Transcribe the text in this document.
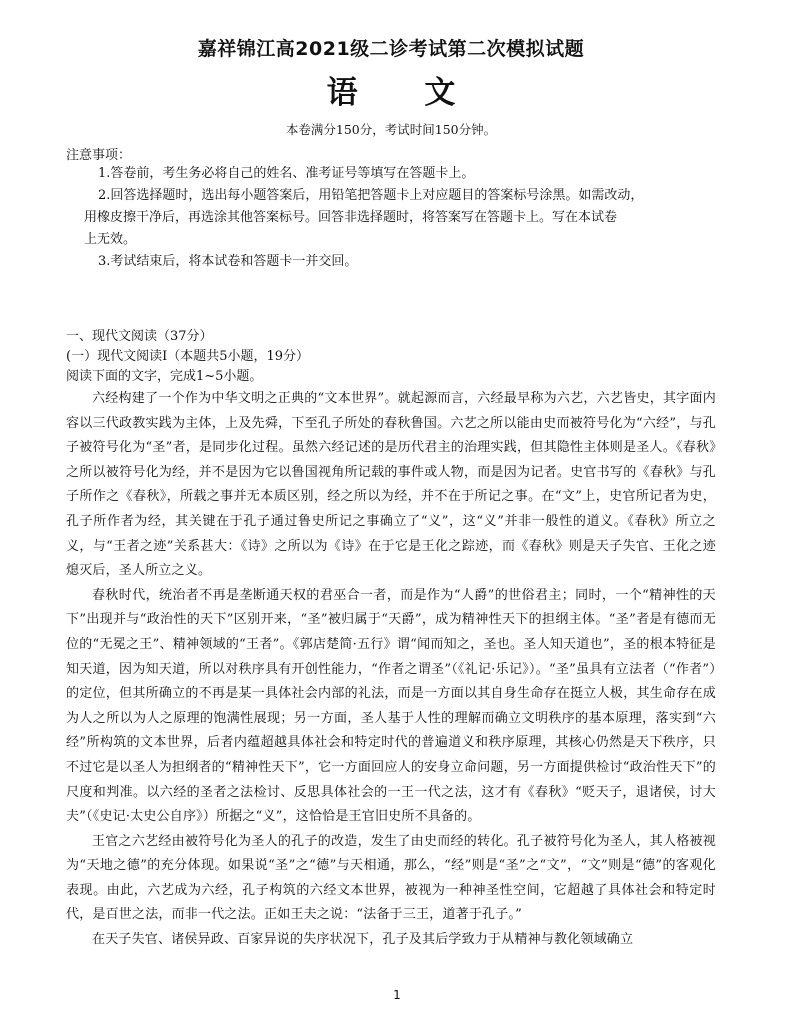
嘉祥锦江高2021级二诊考试第二次模拟试题
语 文

本卷满分150分，考试时间150分钟。

注意事项：

1.答卷前，考生务必将自己的姓名、准考证号等填写在答题卡上。

2.回答选择题时，选出每小题答案后，用铅笔把答题卡上对应题目的答案标号涂黑。如需改动，

用橡皮擦干净后，再选涂其他答案标号。回答非选择题时，将答案写在答题卡上。写在本试卷

上无效。

3.考试结束后，将本试卷和答题卡一并交回。

一、现代文阅读（37分）

(一）现代文阅读Ⅰ（本题共5小题，19分）

阅读下面的文字，完成1~5小题。

六经构建了一个作为中华文明之正典的“文本世界”。就起源而言，六经最早称为六艺，六艺皆史，其字面内容以三代政教实践为主体，上及先舜，下至孔子所处的春秋鲁国。六艺之所以能由史而被符号化为“六经”，与孔子被符号化为“圣”者，是同步化过程。虽然六经记述的是历代君主的治理实践，但其隐性主体则是圣人。《春秋》之所以被符号化为经，并不是因为它以鲁国视角所记载的事件或人物，而是因为记者。史官书写的《春秋》与孔子所作之《春秋》，所载之事并无本质区别，经之所以为经，并不在于所记之事。在“文”上，史官所记者为史，孔子所作者为经，其关键在于孔子通过鲁史所记之事确立了“义”，这“义”并非一般性的道义。《春秋》所立之义，与“王者之迹”关系甚大：《诗》之所以为《诗》在于它是王化之踪迹，而《春秋》则是天子失官、王化之迹熄灭后，圣人所立之义。

春秋时代，统治者不再是垄断通天权的君巫合一者，而是作为“人爵”的世俗君主；同时，一个“精神性的天下”出现并与“政治性的天下”区别开来，“圣”被归属于“天爵”，成为精神性天下的担纲主体。“圣”者是有德而无位的“无冕之王”、精神领域的“王者”。《郭店楚简·五行》谓“闻而知之，圣也。圣人知天道也”，圣的根本特征是知天道，因为知天道，所以对秩序具有开创性能力，“作者之谓圣”（《礼记·乐记》）。“圣”虽具有立法者（“作者”）的定位，但其所确立的不再是某一具体社会内部的礼法，而是一方面以其自身生命存在挺立人极，其生命存在成为人之所以为人之原理的饱满性展现；另一方面，圣人基于人性的理解而确立文明秩序的基本原理，落实到“六经”所构筑的文本世界，后者内蕴超越具体社会和特定时代的普遍道义和秩序原理，其核心仍然是天下秩序，只不过它是以圣人为担纲者的“精神性天下”，它一方面回应人的安身立命问题，另一方面提供检讨“政治性天下”的尺度和判准。以六经的圣者之法检讨、反思具体社会的一王一代之法，这才有《春秋》“贬天子，退诸侯，讨大夫”（《史记·太史公自序》）所据之“义”，这恰恰是王官旧史所不具备的。

王官之六艺经由被符号化为圣人的孔子的改造，发生了由史而经的转化。孔子被符号化为圣人，其人格被视为“天地之德”的充分体现。如果说“圣”之“德”与天相通，那么，“经”则是“圣”之“文”，“文”则是“德”的客观化表现。由此，六艺成为六经，孔子构筑的六经文本世界，被视为一种神圣性空间，它超越了具体社会和特定时代，是百世之法，而非一代之法。正如王夫之说：“法备于三王，道著于孔子。”

在天子失官、诸侯异政、百家异说的失序状况下，孔子及其后学致力于从精神与教化领域确立

1
